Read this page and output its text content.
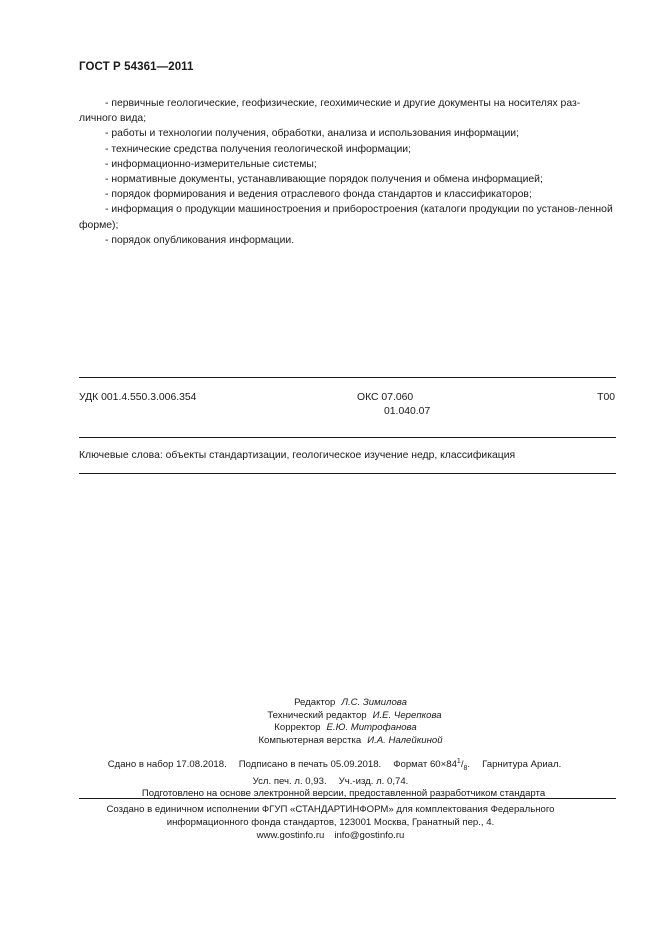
ГОСТ Р 54361—2011
- первичные геологические, геофизические, геохимические и другие документы на носителях раз-личного вида;
- работы и технологии получения, обработки, анализа и использования информации;
- технические средства получения геологической информации;
- информационно-измерительные системы;
- нормативные документы, устанавливающие порядок получения и обмена информацией;
- порядок формирования и ведения отраслевого фонда стандартов и классификаторов;
- информация о продукции машиностроения и приборостроения (каталоги продукции по установ-ленной форме);
- порядок опубликования информации.
УДК 001.4.550.3.006.354	ОКС 07.060
01.040.07
Т00
Ключевые слова: объекты стандартизации, геологическое изучение недр, классификация
Редактор Л.С. Зимилова
Технический редактор И.Е. Черепкова
Корректор Е.Ю. Митрофанова
Компьютерная верстка И.А. Налейкиной
Сдано в набор 17.08.2018. Подписано в печать 05.09.2018. Формат $60\times 84^1/_8$. Гарнитура Ариал.
Усл. печ. л. 0,93. Уч.-изд. л. 0,74.
Подготовлено на основе электронной версии, предоставленной разработчиком стандарта
Создано в единичном исполнении ФГУП «СТАНДАРТИНФОРМ» для комплектования Федерального
информационного фонда стандартов, 123001 Москва, Гранатный пер., 4.
www.gostinfo.ru info@gostinfo.ru
